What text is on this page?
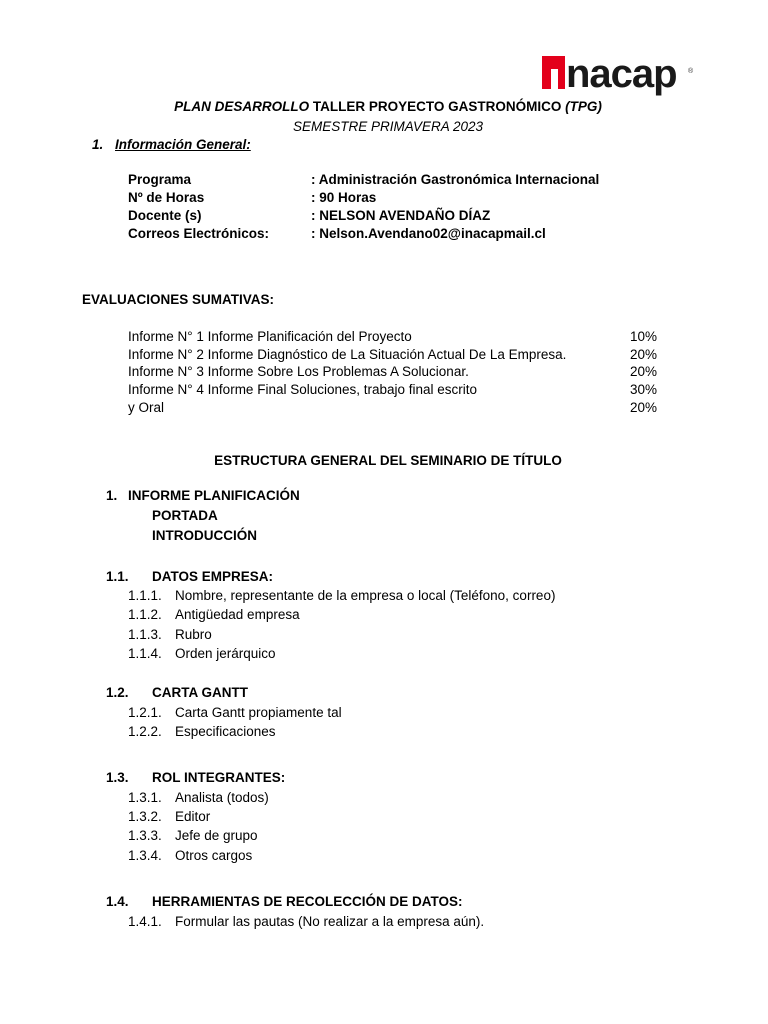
nacap ®
PLAN DESARROLLO TALLER PROYECTO GASTRONÓMICO (TPG)
SEMESTRE PRIMAVERA 2023
1. Información General:
Programa	: Administración Gastronómica Internacional
Nº de Horas	: 90 Horas
Docente (s)	: NELSON AVENDAÑO DÍAZ
Correos Electrónicos:	: Nelson.Avendano02@inacapmail.cl
EVALUACIONES SUMATIVAS:
Informe N° 1 Informe Planificación del Proyecto	10%
Informe N° 2 Informe Diagnóstico de La Situación Actual De La Empresa.	20%
Informe N° 3 Informe Sobre Los Problemas A Solucionar.	20%
Informe N° 4 Informe Final Soluciones, trabajo final escrito	30%
y Oral	20%
ESTRUCTURA GENERAL DEL SEMINARIO DE TÍTULO
1. INFORME PLANIFICACIÓN
PORTADA
INTRODUCCIÓN
1.1. DATOS EMPRESA:
1.1.1. Nombre, representante de la empresa o local (Teléfono, correo)
1.1.2. Antigüedad empresa
1.1.3. Rubro
1.1.4. Orden jerárquico
1.2. CARTA GANTT
1.2.1. Carta Gantt propiamente tal
1.2.2. Especificaciones
1.3. ROL INTEGRANTES:
1.3.1. Analista (todos)
1.3.2. Editor
1.3.3. Jefe de grupo
1.3.4. Otros cargos
1.4. HERRAMIENTAS DE RECOLECCIÓN DE DATOS:
1.4.1. Formular las pautas (No realizar a la empresa aún).
